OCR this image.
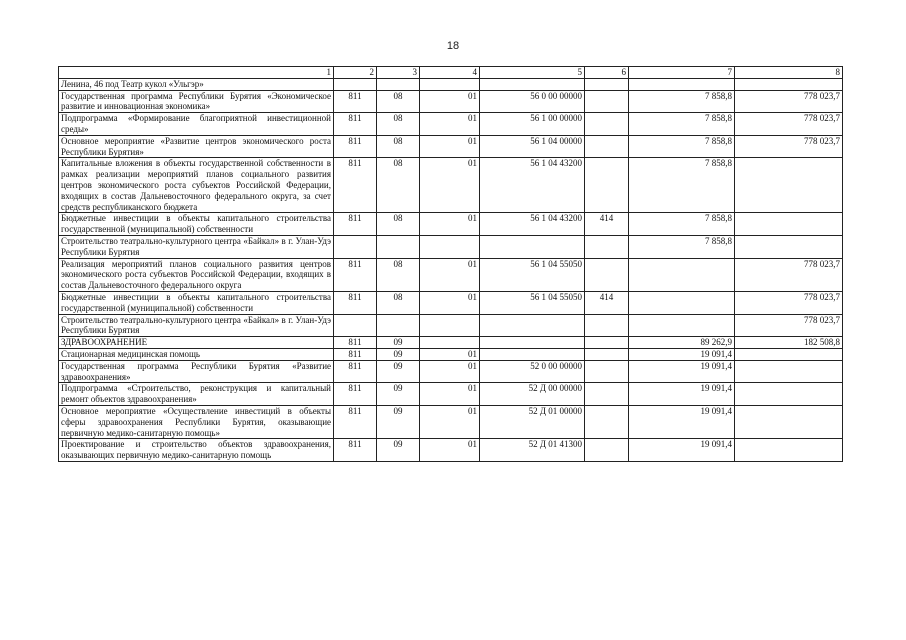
18
1	2	3	4	5	6	7	8
Ленина, 46 под Театр кукол «Ульгэр»							
Государственная программа Республики Бурятия «Экономическое развитие и инновационная экономика»	811	08	01	56 0 00 00000		7 858,8	778 023,7
Подпрограмма «Формирование благоприятной инвестиционной среды»	811	08	01	56 1 00 00000		7 858,8	778 023,7
Основное мероприятие «Развитие центров экономического роста Республики Бурятия»	811	08	01	56 1 04 00000		7 858,8	778 023,7
Капитальные вложения в объекты государственной собственности в рамках реализации мероприятий планов социального развития центров экономического роста субъектов Российской Федерации, входящих в состав Дальневосточного федерального округа, за счет средств республиканского бюджета	811	08	01	56 1 04 43200		7 858,8	
Бюджетные инвестиции в объекты капитального строительства государственной (муниципальной) собственности	811	08	01	56 1 04 43200	414	7 858,8	
Строительство театрально-культурного центра «Байкал» в г. Улан-Удэ Республики Бурятия						7 858,8	
Реализация мероприятий планов социального развития центров экономического роста субъектов Российской Федерации, входящих в состав Дальневосточного федерального округа	811	08	01	56 1 04 55050			778 023,7
Бюджетные инвестиции в объекты капитального строительства государственной (муниципальной) собственности	811	08	01	56 1 04 55050	414		778 023,7
Строительство театрально-культурного центра «Байкал» в г. Улан-Удэ Республики Бурятия							778 023,7
ЗДРАВООХРАНЕНИЕ	811	09				89 262,9	182 508,8
Стационарная медицинская помощь	811	09	01			19 091,4	
Государственная программа Республики Бурятия «Развитие здравоохранения»	811	09	01	52 0 00 00000		19 091,4	
Подпрограмма «Строительство, реконструкция и капитальный ремонт объектов здравоохранения»	811	09	01	52 Д 00 00000		19 091,4	
Основное мероприятие «Осуществление инвестиций в объекты сферы здравоохранения Республики Бурятия, оказывающие первичную медико-санитарную помощь»	811	09	01	52 Д 01 00000		19 091,4	
Проектирование и строительство объектов здравоохранения, оказывающих первичную медико-санитарную помощь	811	09	01	52 Д 01 41300		19 091,4	
